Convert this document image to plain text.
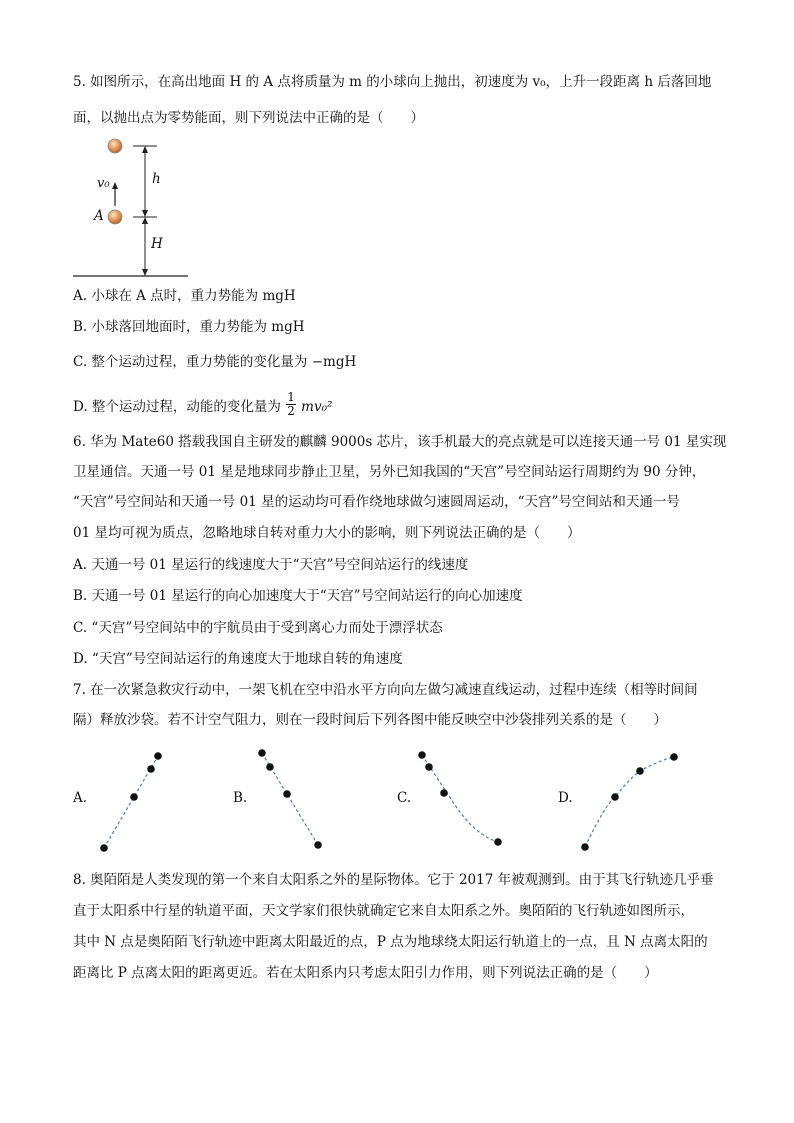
5. 如图所示，在高出地面 H 的 A 点将质量为 m 的小球向上抛出，初速度为 v₀，上升一段距离 h 后落回地
面，以抛出点为零势能面，则下列说法中正确的是（　　）
v₀
A
h
H
A. 小球在 A 点时，重力势能为 mgH
B. 小球落回地面时，重力势能为 mgH
C. 整个运动过程，重力势能的变化量为 −mgH
D. 整个运动过程，动能的变化量为 $\frac{1}{2} mv_0^2$
6. 华为 Mate60 搭载我国自主研发的麒麟 9000s 芯片，该手机最大的亮点就是可以连接天通一号 01 星实现
卫星通信。天通一号 01 星是地球同步静止卫星，另外已知我国的“天宫”号空间站运行周期约为 90 分钟，
“天宫”号空间站和天通一号 01 星的运动均可看作绕地球做匀速圆周运动，“天宫”号空间站和天通一号
01 星均可视为质点，忽略地球自转对重力大小的影响，则下列说法正确的是（　　）
A. 天通一号 01 星运行的线速度大于“天宫”号空间站运行的线速度
B. 天通一号 01 星运行的向心加速度大于“天宫”号空间站运行的向心加速度
C. “天宫”号空间站中的宇航员由于受到离心力而处于漂浮状态
D. “天宫”号空间站运行的角速度大于地球自转的角速度
7. 在一次紧急救灾行动中，一架飞机在空中沿水平方向向左做匀减速直线运动，过程中连续（相等时间间
隔）释放沙袋。若不计空气阻力，则在一段时间后下列各图中能反映空中沙袋排列关系的是（　　）
A.	B.	C.	D.
8. 奥陌陌是人类发现的第一个来自太阳系之外的星际物体。它于 2017 年被观测到。由于其飞行轨迹几乎垂
直于太阳系中行星的轨道平面，天文学家们很快就确定它来自太阳系之外。奥陌陌的飞行轨迹如图所示，
其中 N 点是奥陌陌飞行轨迹中距离太阳最近的点，P 点为地球绕太阳运行轨道上的一点，且 N 点离太阳的
距离比 P 点离太阳的距离更近。若在太阳系内只考虑太阳引力作用，则下列说法正确的是（　　）
